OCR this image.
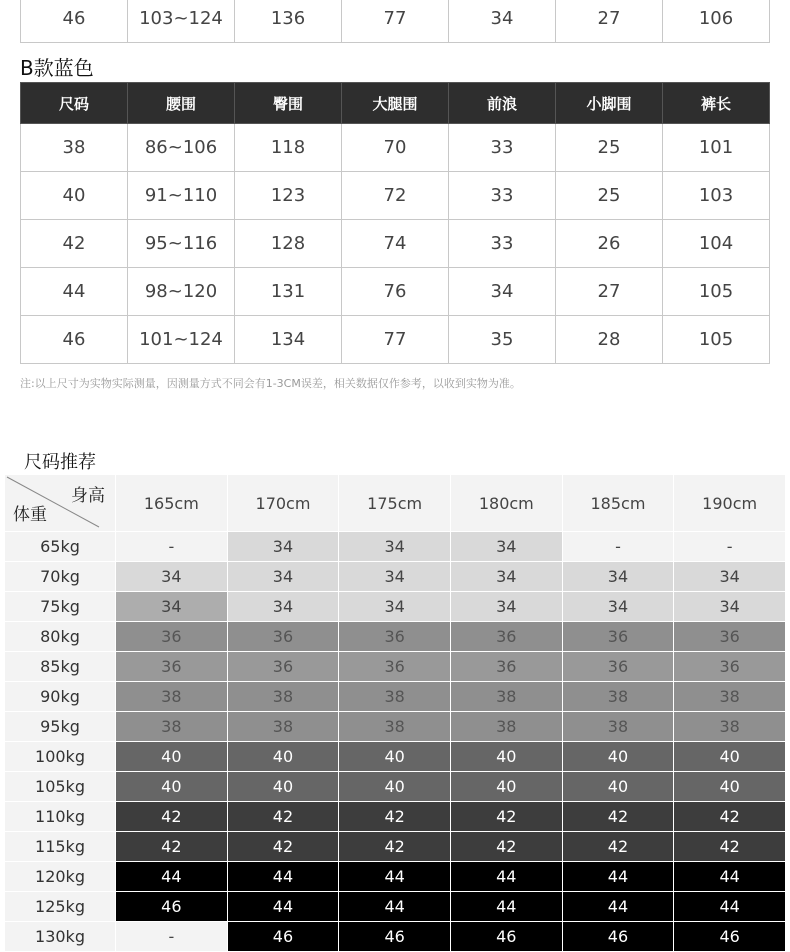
46	103~124	136	77	34	27	106
B款蓝色
尺码	腰围	臀围	大腿围	前浪	小脚围	裤长
38	86~106	118	70	33	25	101
40	91~110	123	72	33	25	103
42	95~116	128	74	33	26	104
44	98~120	131	76	34	27	105
46	101~124	134	77	35	28	105
注:以上尺寸为实物实际测量，因测量方式不同会有1-3CM误差，相关数据仅作参考，以收到实物为准。
尺码推荐
身高
体重	165cm	170cm	175cm	180cm	185cm	190cm
65kg	-	34	34	34	-	-
70kg	34	34	34	34	34	34
75kg	34	34	34	34	34	34
80kg	36	36	36	36	36	36
85kg	36	36	36	36	36	36
90kg	38	38	38	38	38	38
95kg	38	38	38	38	38	38
100kg	40	40	40	40	40	40
105kg	40	40	40	40	40	40
110kg	42	42	42	42	42	42
115kg	42	42	42	42	42	42
120kg	44	44	44	44	44	44
125kg	46	44	44	44	44	44
130kg	-	46	46	46	46	46
